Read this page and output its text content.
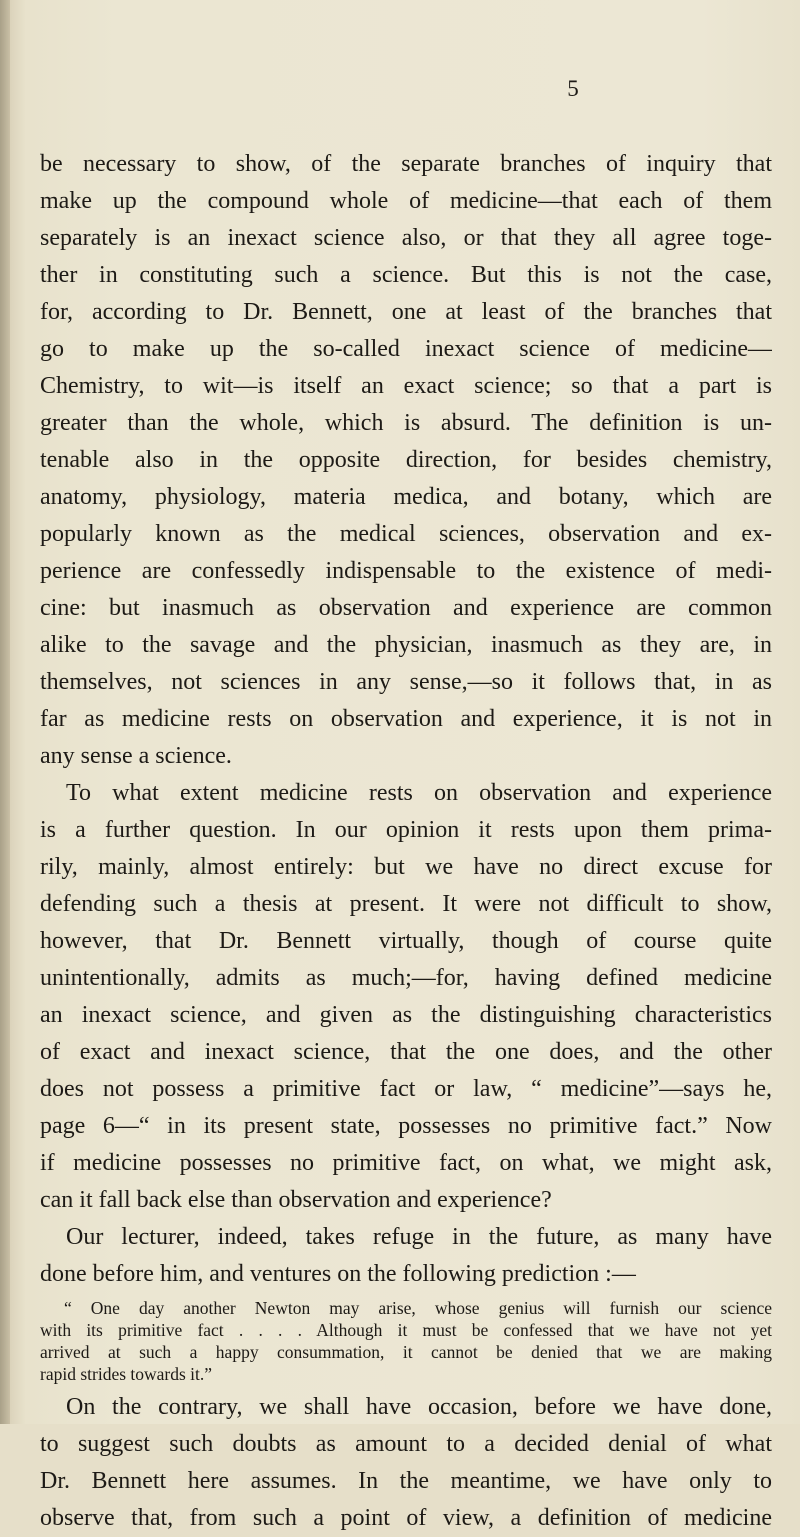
5
be necessary to show, of the separate branches of inquiry that
make up the compound whole of medicine—that each of them
separately is an inexact science also, or that they all agree toge-
ther in constituting such a science. But this is not the case,
for, according to Dr. Bennett, one at least of the branches that
go to make up the so-called inexact science of medicine—
Chemistry, to wit—is itself an exact science; so that a part is
greater than the whole, which is absurd. The definition is un-
tenable also in the opposite direction, for besides chemistry,
anatomy, physiology, materia medica, and botany, which are
popularly known as the medical sciences, observation and ex-
perience are confessedly indispensable to the existence of medi-
cine: but inasmuch as observation and experience are common
alike to the savage and the physician, inasmuch as they are, in
themselves, not sciences in any sense,—so it follows that, in as
far as medicine rests on observation and experience, it is not in
any sense a science.
To what extent medicine rests on observation and experience
is a further question. In our opinion it rests upon them prima-
rily, mainly, almost entirely: but we have no direct excuse for
defending such a thesis at present. It were not difficult to show,
however, that Dr. Bennett virtually, though of course quite
unintentionally, admits as much;—for, having defined medicine
an inexact science, and given as the distinguishing characteristics
of exact and inexact science, that the one does, and the other
does not possess a primitive fact or law, “ medicine”—says he,
page 6—“ in its present state, possesses no primitive fact.” Now
if medicine possesses no primitive fact, on what, we might ask,
can it fall back else than observation and experience?
Our lecturer, indeed, takes refuge in the future, as many have
done before him, and ventures on the following prediction :—
“ One day another Newton may arise, whose genius will furnish our science
with its primitive fact . . . . Although it must be confessed that we have not yet
arrived at such a happy consummation, it cannot be denied that we are making
rapid strides towards it.”
On the contrary, we shall have occasion, before we have done,
to suggest such doubts as amount to a decided denial of what
Dr. Bennett here assumes. In the meantime, we have only to
observe that, from such a point of view, a definition of medicine
